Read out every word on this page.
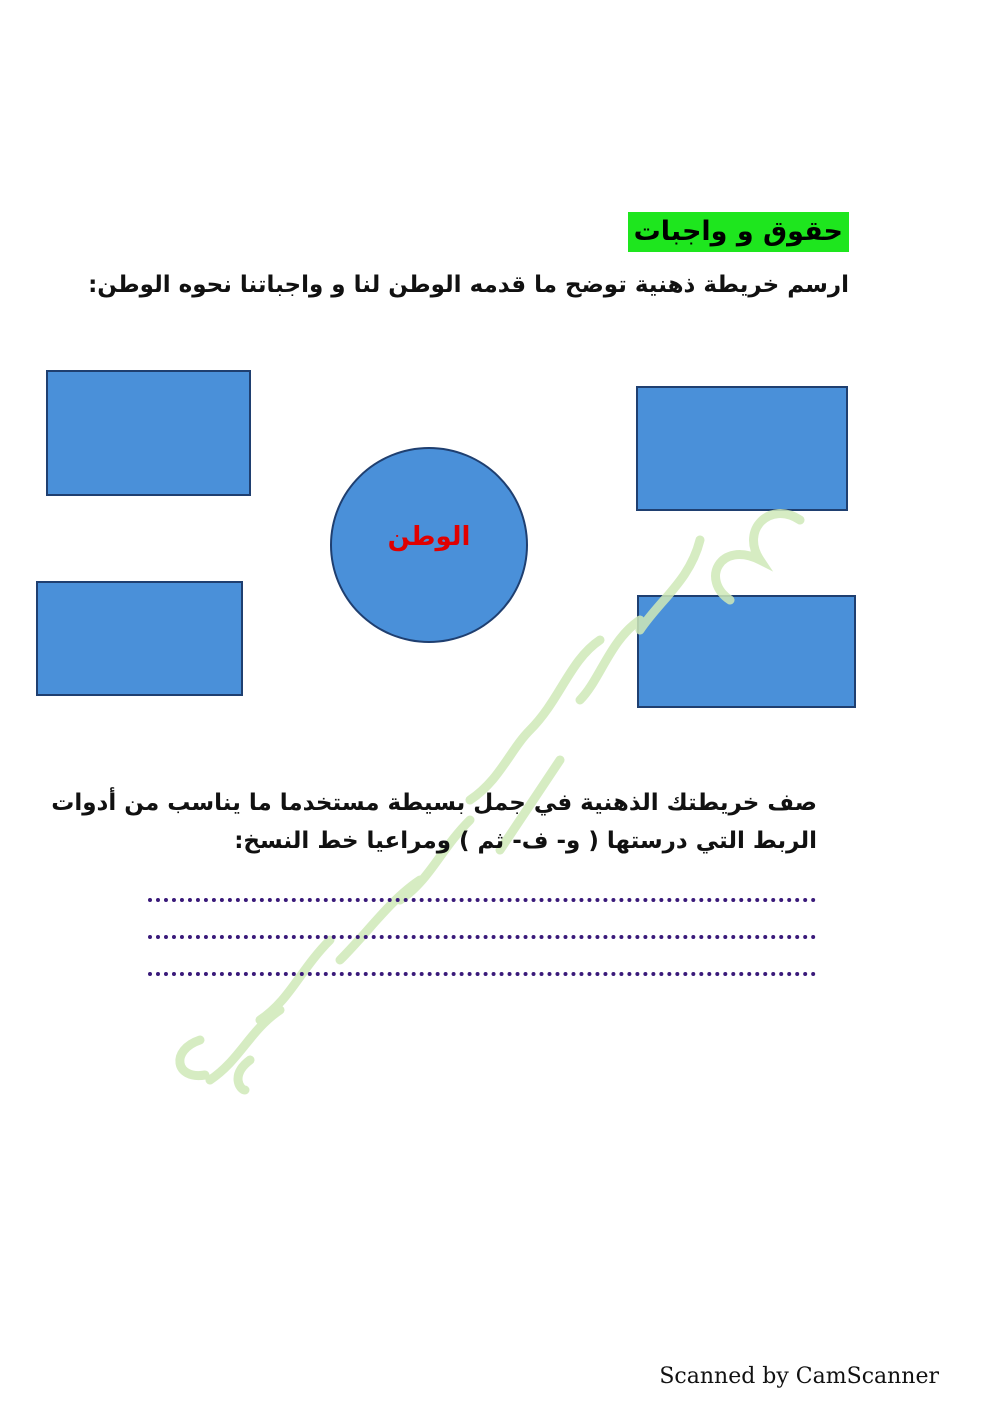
حقوق و واجبات
ارسم خريطة ذهنية توضح ما قدمه الوطن لنا و واجباتنا نحوه الوطن:
الوطن
صف خريطتك الذهنية في جمل بسيطة مستخدما ما يناسب من أدوات
الربط التي درستها ( و- ف- ثم ) ومراعيا خط النسخ:
Scanned by CamScanner
